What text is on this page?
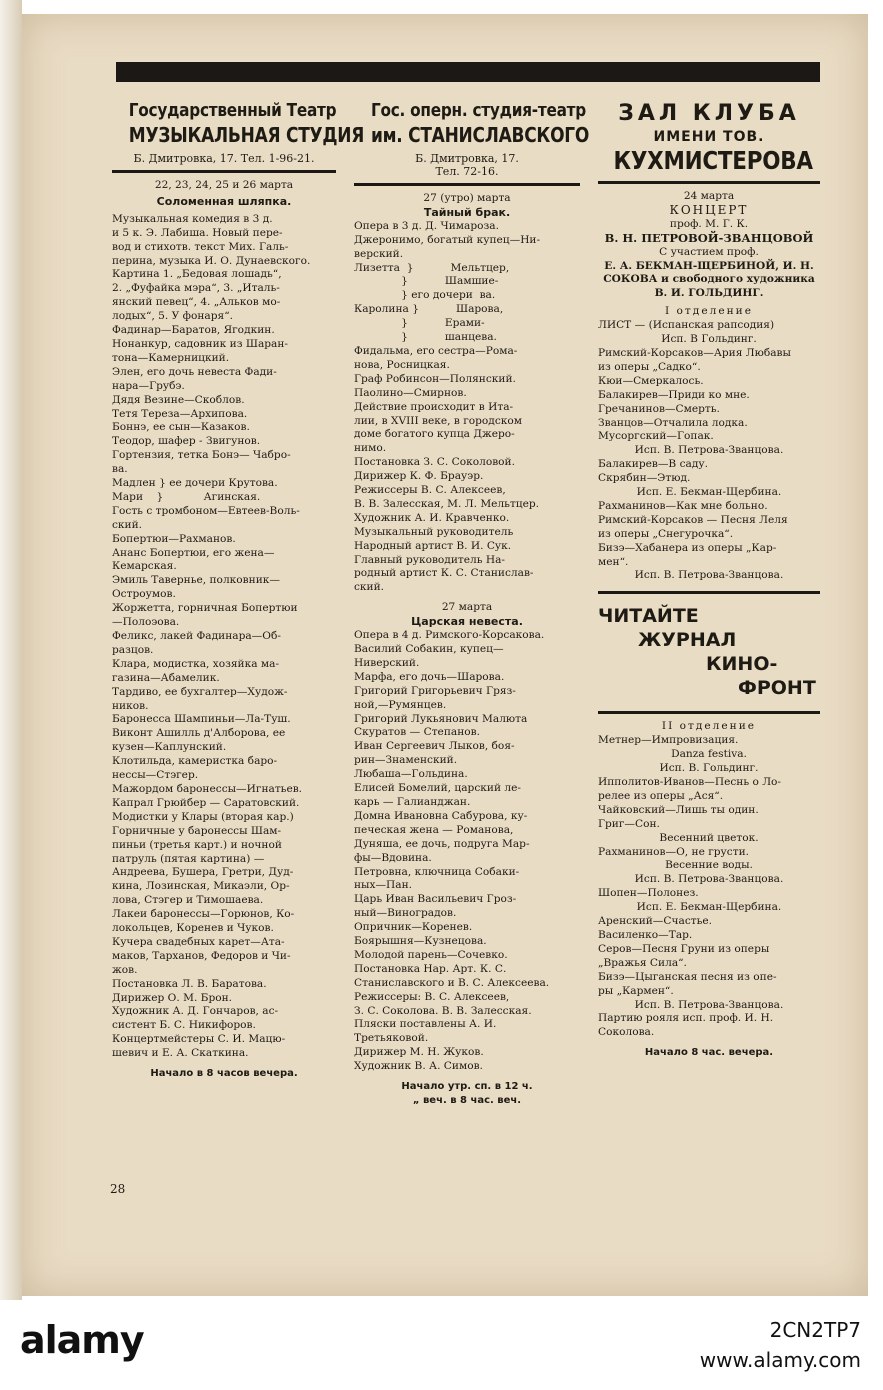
Государственный Театр
МУЗЫКАЛЬНАЯ СТУДИЯ
Б. Дмитровка, 17. Тел. 1-96-21.
22, 23, 24, 25 и 26 марта
Соломенная шляпка.
Музыкальная комедия в 3 д.
и 5 к. Э. Лабиша. Новый пере-
вод и стихотв. текст Мих. Галь-
перина, музыка И. О. Дунаевского.
Картина 1. „Бедовая лошадь“,
2. „Фуфайка мэра“, 3. „Италь-
янский певец“, 4. „Альков мо-
лодых“, 5. У фонаря“.
Фадинар—Баратов, Ягодкин.
Нонанкур, садовник из Шаран-
тона—Камерницкий.
Элен, его дочь невеста Фади-
нара—Грубэ.
Дядя Везине—Скоблов.
Тетя Тереза—Архипова.
Боннэ, ее сын—Казаков.
Теодор, шафер - Звигунов.
Гортензия, тетка Бонэ— Чабро-
ва.
Мадлен } ее дочери Крутова.
Мари    }            Агинская.
Гость с тромбоном—Евтеев-Воль-
ский.
Бопертюи—Рахманов.
Ананс Бопертюи, его жена—
Кемарская.
Эмиль Тавернье, полковник—
Остроумов.
Жоржетта, горничная Бопертюи
—Полоэова.
Феликс, лакей Фадинара—Об-
разцов.
Клара, модистка, хозяйка ма-
газина—Абамелик.
Тардиво, ее бухгалтер—Худож-
ников.
Баронесса Шампиньи—Ла-Туш.
Виконт Ашилль д'Алборова, ее
кузен—Каплунский.
Клотильда, камеристка баро-
нессы—Стэгер.
Мажордом баронессы—Игнатьев.
Капрал Грюйбер — Саратовский.
Модистки у Клары (вторая кар.)
Горничные у баронессы Шам-
пиньи (третья карт.) и ночной
патруль (пятая картина) —
Андреева, Бушера, Гретри, Дуд-
кина, Лозинская, Микаэли, Ор-
лова, Стэгер и Тимошаева.
Лакеи баронессы—Горюнов, Ко-
локольцев, Коренев и Чуков.
Кучера свадебных карет—Ата-
маков, Тарханов, Федоров и Чи-
жов.
Постановка Л. В. Баратова.
Дирижер О. М. Брон.
Художник А. Д. Гончаров, ас-
систент Б. С. Никифоров.
Концертмейстеры С. И. Мацю-
шевич и Е. А. Скаткина.
Начало в 8 часов вечера.
Гос. оперн. студия-театр
им. СТАНИСЛАВСКОГО
Б. Дмитровка, 17.
Тел. 72-16.
27 (утро) марта
Тайный брак.
Опера в 3 д. Д. Чимароза.
Джеронимо, богатый купец—Ни-
верский.
Лизетта  }           Мельтцер,
}           Шамшие-
} его дочери  ва.
Каролина }           Шарова,
}           Ерами-
}           шанцева.
Фидальма, его сестра—Рома-
нова, Росницкая.
Граф Робинсон—Полянский.
Паолино—Смирнов.
Действие происходит в Ита-
лии, в XVIII веке, в городском
доме богатого купца Джеро-
нимо.
Постановка З. С. Соколовой.
Дирижер К. Ф. Брауэр.
Режиссеры В. С. Алексеев,
В. В. Залесская, М. Л. Мельтцер.
Художник А. И. Кравченко.
Музыкальный руководитель
Народный артист В. И. Сук.
Главный руководитель На-
родный артист К. С. Станислав-
ский.
27 марта
Царская невеста.
Опера в 4 д. Римского-Корсакова.
Василий Собакин, купец—
Ниверский.
Марфа, его дочь—Шарова.
Григорий Григорьевич Гряз-
ной,—Румянцев.
Григорий Лукьянович Малюта
Скуратов — Степанов.
Иван Сергеевич Лыков, боя-
рин—Знаменский.
Любаша—Гольдина.
Елисей Бомелий, царский ле-
карь — Галианджан.
Домна Ивановна Сабурова, ку-
печеская жена — Романова,
Дуняша, ее дочь, подруга Мар-
фы—Вдовина.
Петровна, ключница Собаки-
ных—Пан.
Царь Иван Васильевич Гроз-
ный—Виноградов.
Опричник—Коренев.
Боярышня—Кузнецова.
Молодой парень—Сочевко.
Постановка Нар. Арт. К. С.
Станиславского и В. С. Алексеева.
Режиссеры: В. С. Алексеев,
З. С. Соколова. В. В. Залесская.
Пляски поставлены А. И.
Третьяковой.
Дирижер М. Н. Жуков.
Художник В. А. Симов.
Начало утр. сп. в 12 ч.
„ веч. в 8 час. веч.
ЗАЛ КЛУБА
ИМЕНИ ТОВ.
КУХМИСТЕРОВА
24 марта
КОНЦЕРТ
проф. М. Г. К.
В. Н. ПЕТРОВОЙ-ЗВАНЦОВОЙ
С участием проф.
Е. А. БЕКМАН-ЩЕРБИНОЙ, И. Н.
СОКОВА и свободного художника
В. И. ГОЛЬДИНГ.
I отделение
ЛИСТ — (Испанская рапсодия)
Исп. В Гольдинг.
Римский-Корсаков—Ария Любавы
из оперы „Садко“.
Кюи—Смеркалось.
Балакирев—Приди ко мне.
Гречанинов—Смерть.
Званцов—Отчалила лодка.
Мусоргский—Гопак.
Исп. В. Петрова-Званцова.
Балакирев—В саду.
Скрябин—Этюд.
Исп. Е. Бекман-Щербина.
Рахманинов—Как мне больно.
Римский-Корсаков — Песня Леля
из оперы „Снегурочка“.
Бизэ—Хабанера из оперы „Кар-
мен“.
Исп. В. Петрова-Званцова.
ЧИТАЙТЕ
ЖУРНАЛ
КИНО-
ФРОНТ
II отделение
Метнер—Импровизация.
Danza festiva.
Исп. В. Гольдинг.
Ипполитов-Иванов—Песнь о Ло-
релее из оперы „Ася“.
Чайковский—Лишь ты один.
Григ—Сон.
Весенний цветок.
Рахманинов—О, не грусти.
Весенние воды.
Исп. В. Петрова-Званцова.
Шопен—Полонез.
Исп. Е. Бекман-Щербина.
Аренский—Счастье.
Василенко—Тар.
Серов—Песня Груни из оперы
„Вражья Сила“.
Бизэ—Цыганская песня из опе-
ры „Кармен“.
Исп. В. Петрова-Званцова.
Партию рояля исп. проф. И. Н.
Соколова.
Начало 8 час. вечера.
28
alamy	2CN2TP7
www.alamy.com
